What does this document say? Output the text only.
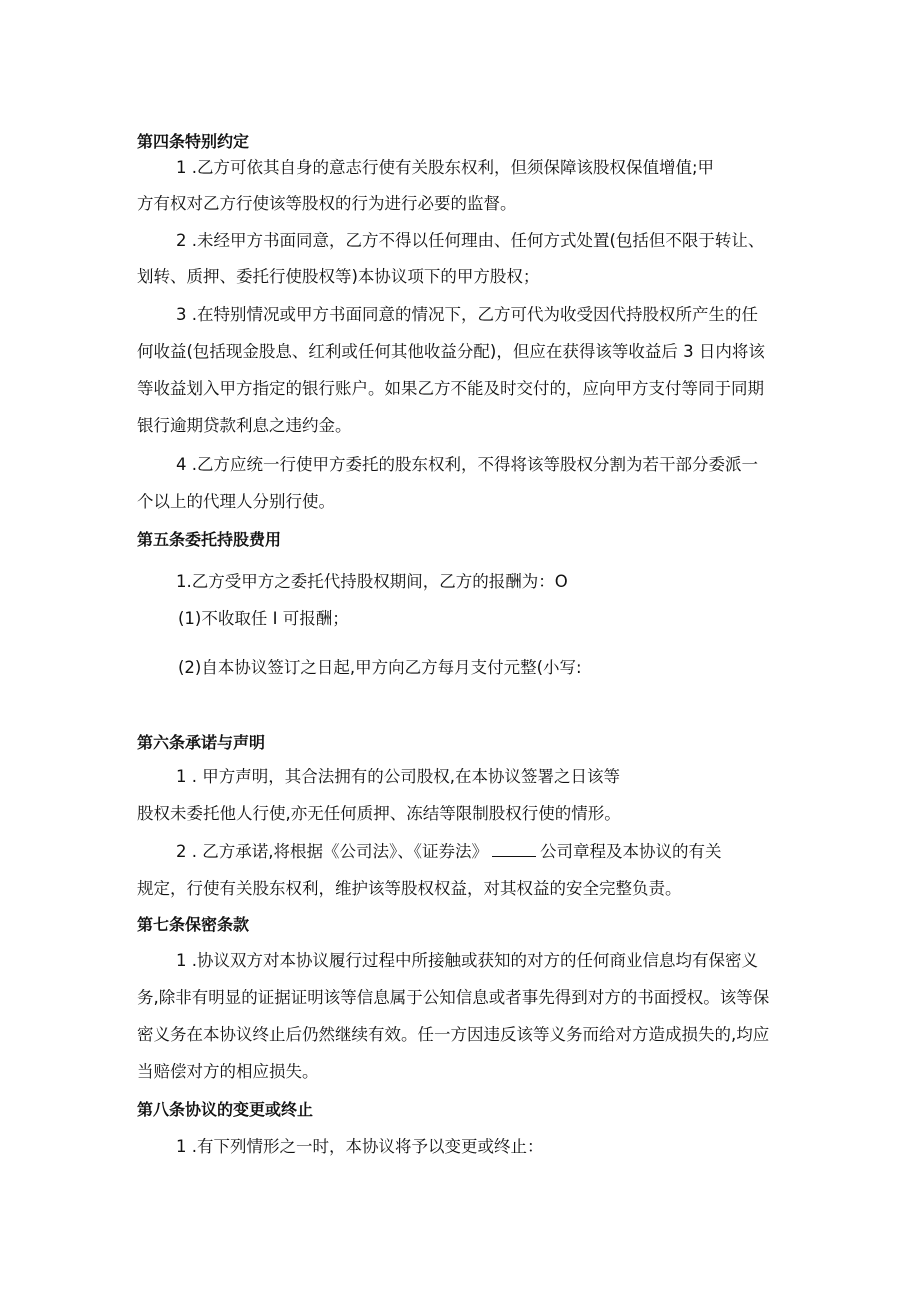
第四条特别约定
1 .乙方可依其自身的意志行使有关股东权利，但须保障该股权保值增值;甲
方有权对乙方行使该等股权的行为进行必要的监督。
2 .未经甲方书面同意，乙方不得以任何理由、任何方式处置(包括但不限于转让、
划转、质押、委托行使股权等)本协议项下的甲方股权；
3 .在特别情况或甲方书面同意的情况下，乙方可代为收受因代持股权所产生的任
何收益(包括现金股息、红利或任何其他收益分配)，但应在获得该等收益后 3 日内将该
等收益划入甲方指定的银行账户。如果乙方不能及时交付的，应向甲方支付等同于同期
银行逾期贷款利息之违约金。
4 .乙方应统一行使甲方委托的股东权利，不得将该等股权分割为若干部分委派一
个以上的代理人分别行使。
第五条委托持股费用
1.乙方受甲方之委托代持股权期间，乙方的报酬为：O
(1)不收取任 I 可报酬；
(2)自本协议签订之日起,甲方向乙方每月支付元整(小写:
第六条承诺与声明
1 . 甲方声明，其合法拥有的公司股权,在本协议签署之日该等
股权未委托他人行使,亦无任何质押、冻结等限制股权行使的情形。
2 . 乙方承诺,将根据《公司法》、《证券法》	公司章程及本协议的有关
规定，行使有关股东权利，维护该等股权权益，对其权益的安全完整负责。
第七条保密条款
1 .协议双方对本协议履行过程中所接触或获知的对方的任何商业信息均有保密义
务,除非有明显的证据证明该等信息属于公知信息或者事先得到对方的书面授权。该等保
密义务在本协议终止后仍然继续有效。任一方因违反该等义务而给对方造成损失的,均应
当赔偿对方的相应损失。
第八条协议的变更或终止
1 .有下列情形之一时，本协议将予以变更或终止：
